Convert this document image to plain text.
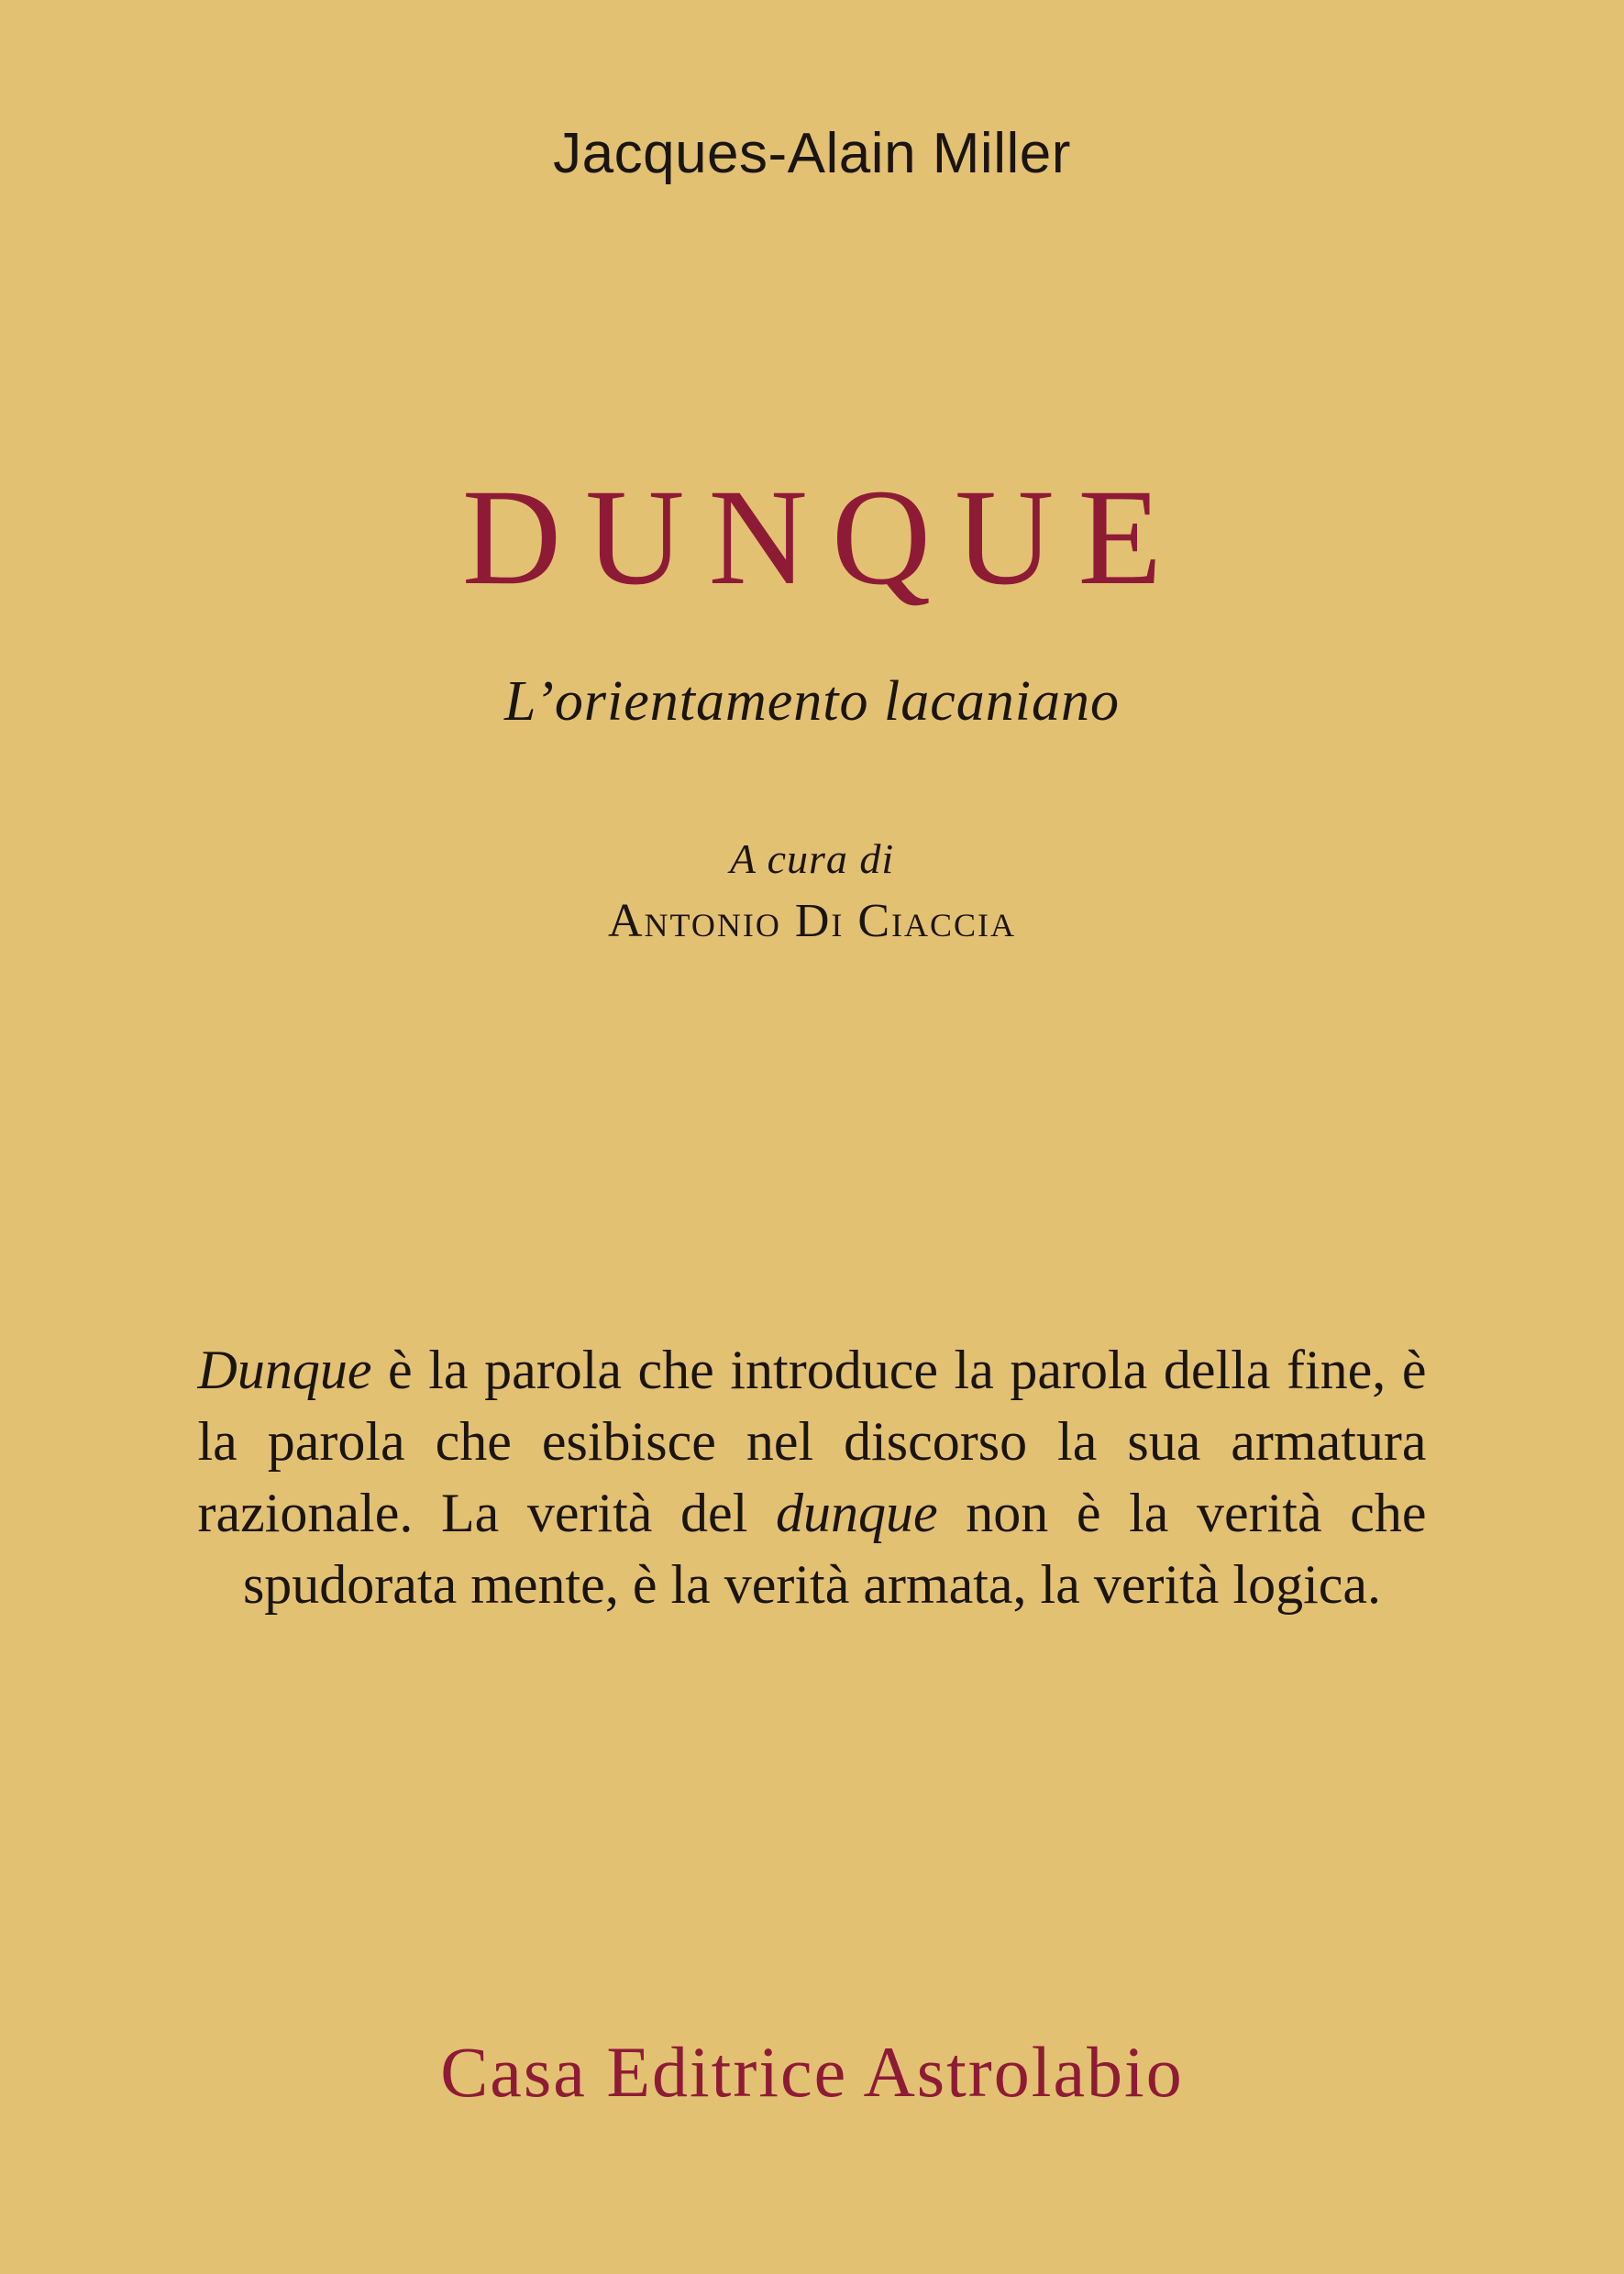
Jacques-Alain Miller
DUNQUE
L’orientamento lacaniano
A cura di
Antonio Di Ciaccia
Dunque è la parola che introduce la parola della fine, è la parola che esibisce nel discorso la sua armatura razionale. La verità del dunque non è la verità che spudorata mente, è la verità armata, la verità logica.
Casa Editrice Astrolabio
